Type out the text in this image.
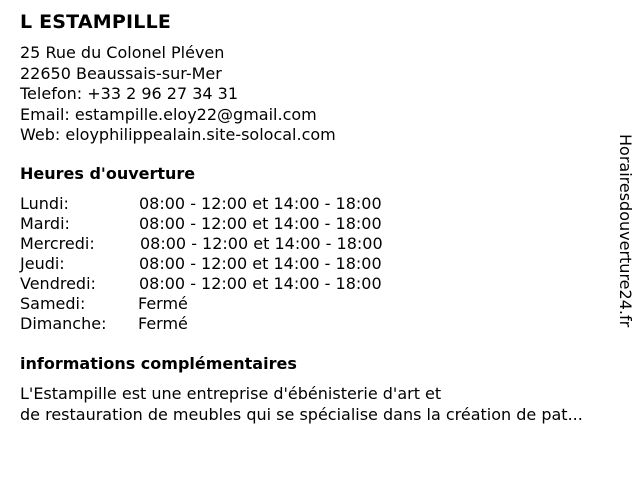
L ESTAMPILLE
25 Rue du Colonel Pléven
22650 Beaussais-sur-Mer
Telefon: +33 2 96 27 34 31
Email: estampille.eloy22@gmail.com
Web: eloyphilippealain.site-solocal.com
Heures d'ouverture
Lundi:	08:00 - 12:00 et 14:00 - 18:00
Mardi:	08:00 - 12:00 et 14:00 - 18:00
Mercredi:	08:00 - 12:00 et 14:00 - 18:00
Jeudi:	08:00 - 12:00 et 14:00 - 18:00
Vendredi:	08:00 - 12:00 et 14:00 - 18:00
Samedi:	Fermé
Dimanche: Fermé
informations complémentaires
L'Estampille est une entreprise d'ébénisterie d'art et
de restauration de meubles qui se spécialise dans la création de pat...
Horairesdouverture24.fr
